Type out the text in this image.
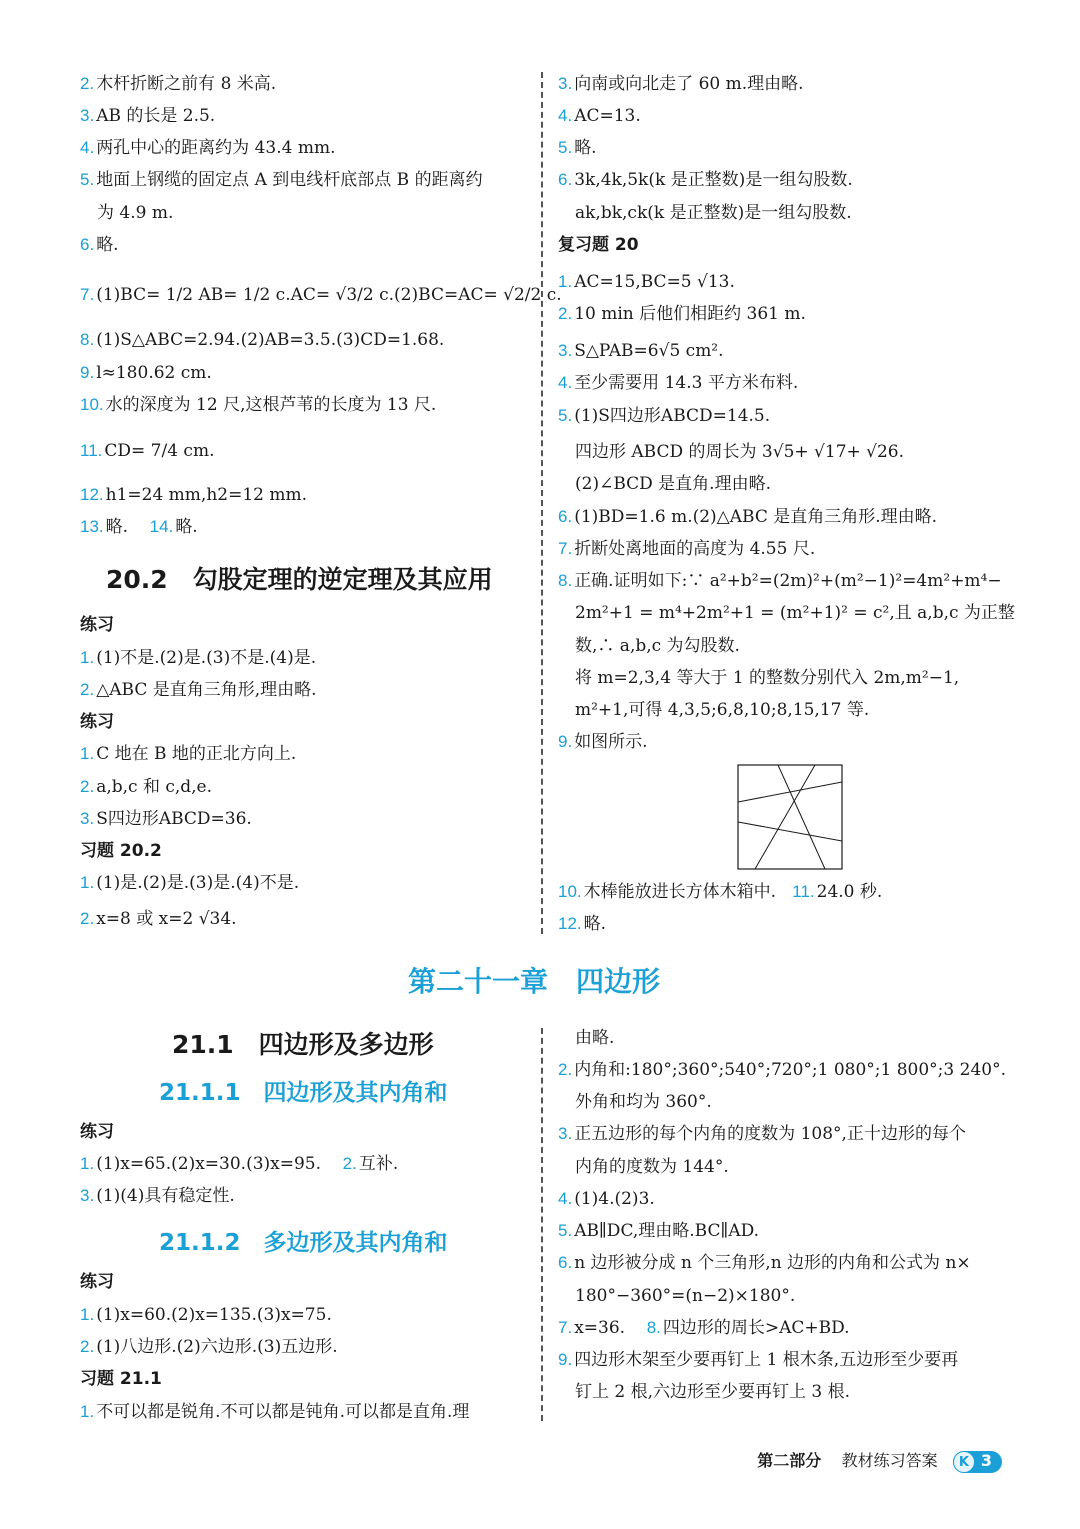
2. 木杆折断之前有 8 米高.
3. AB 的长是 2.5.
4. 两孔中心的距离约为 43.4 mm.
5. 地面上钢缆的固定点 A 到电线杆底部点 B 的距离约
为 4.9 m.
6. 略.
7. (1)BC= 1/2 AB= 1/2 c.AC= √3/2 c.(2)BC=AC= √2/2 c.
8. (1)S△ABC=2.94.(2)AB=3.5.(3)CD=1.68.
9. l≈180.62 cm.
10. 水的深度为 12 尺,这根芦苇的长度为 13 尺.
11. CD= 7/4 cm.
12. h1=24 mm,h2=12 mm.
13. 略. 14. 略.
20.2　勾股定理的逆定理及其应用
练习
1. (1)不是.(2)是.(3)不是.(4)是.
2. △ABC 是直角三角形,理由略.
练习
1. C 地在 B 地的正北方向上.
2. a,b,c 和 c,d,e.
3. S四边形ABCD=36.
习题 20.2
1. (1)是.(2)是.(3)是.(4)不是.
2. x=8 或 x=2 √34.
3. 向南或向北走了 60 m.理由略.
4. AC=13.
5. 略.
6. 3k,4k,5k(k 是正整数)是一组勾股数.
ak,bk,ck(k 是正整数)是一组勾股数.
复习题 20
1. AC=15,BC=5 √13.
2. 10 min 后他们相距约 361 m.
3. S△PAB=6√5 cm².
4. 至少需要用 14.3 平方米布料.
5. (1)S四边形ABCD=14.5.
四边形 ABCD 的周长为 3√5+ √17+ √26.
(2)∠BCD 是直角.理由略.
6. (1)BD=1.6 m.(2)△ABC 是直角三角形.理由略.
7. 折断处离地面的高度为 4.55 尺.
8. 正确.证明如下:∵ a²+b²=(2m)²+(m²−1)²=4m²+m⁴−
2m²+1 = m⁴+2m²+1 = (m²+1)² = c²,且 a,b,c 为正整
数,∴ a,b,c 为勾股数.
将 m=2,3,4 等大于 1 的整数分别代入 2m,m²−1,
m²+1,可得 4,3,5;6,8,10;8,15,17 等.
9. 如图所示.
10. 木棒能放进长方体木箱中. 11. 24.0 秒.
12. 略.
第二十一章　四边形
21.1　四边形及多边形
21.1.1　四边形及其内角和
练习
1. (1)x=65.(2)x=30.(3)x=95. 2. 互补.
3. (1)(4)具有稳定性.
21.1.2　多边形及其内角和
练习
1. (1)x=60.(2)x=135.(3)x=75.
2. (1)八边形.(2)六边形.(3)五边形.
习题 21.1
1. 不可以都是锐角.不可以都是钝角.可以都是直角.理
由略.
2. 内角和:180°;360°;540°;720°;1 080°;1 800°;3 240°.
外角和均为 360°.
3. 正五边形的每个内角的度数为 108°,正十边形的每个
内角的度数为 144°.
4. (1)4.(2)3.
5. AB∥DC,理由略.BC∥AD.
6. n 边形被分成 n 个三角形,n 边形的内角和公式为 n×
180°−360°=(n−2)×180°.
7. x=36. 8. 四边形的周长>AC+BD.
9. 四边形木架至少要再钉上 1 根木条,五边形至少要再
钉上 2 根,六边形至少要再钉上 3 根.
第二部分 教材练习答案 K 3
